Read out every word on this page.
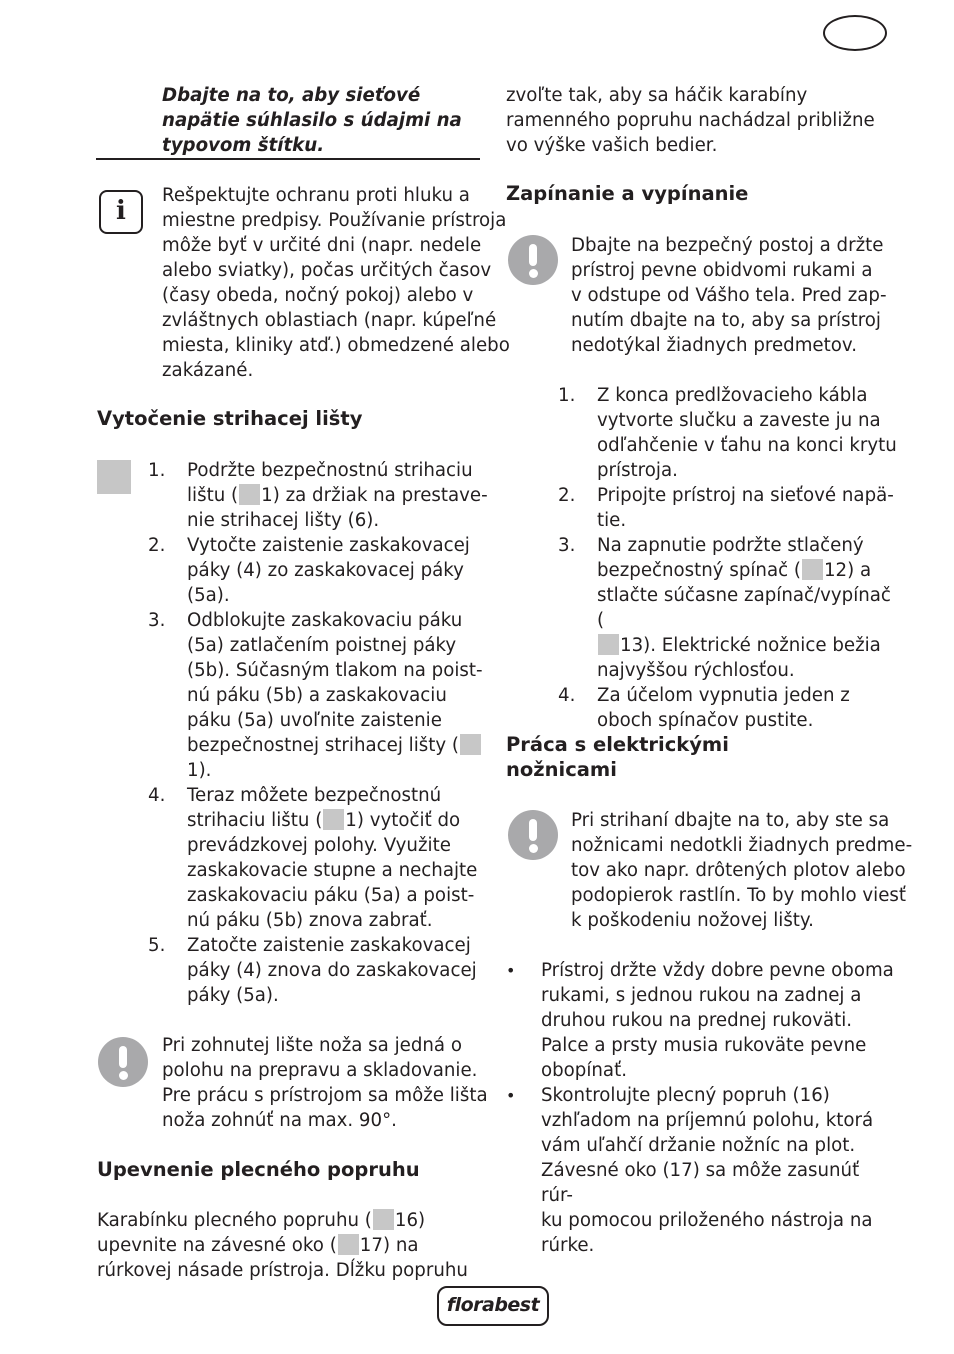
Dbajte na to, aby sieťové
napätie súhlasilo s údajmi na
typovom štítku.
i
Rešpektujte ochranu proti hluku a
miestne predpisy. Používanie prístroja
môže byť v určité dni (napr. nedele
alebo sviatky), počas určitých časov
(časy obeda, nočný pokoj) alebo v
zvláštnych oblastiach (napr. kúpeľné
miesta, kliniky atď.) obmedzené alebo
zakázané.
Vytočenie strihacej lišty
1. Podržte bezpečnostnú strihaciu
lištu ( 1) za držiak na prestave-
nie strihacej lišty (6).
2. Vytočte zaistenie zaskakovacej
páky (4) zo zaskakovacej páky
(5a).
3. Odblokujte zaskakovaciu páku
(5a) zatlačením poistnej páky
(5b). Súčasným tlakom na poist-
nú páku (5b) a zaskakovaciu
páku (5a) uvoľnite zaistenie
bezpečnostnej strihacej lišty (
1).
4. Teraz môžete bezpečnostnú
strihaciu lištu ( 1) vytočiť do
prevádzkovej polohy. Využite
zaskakovacie stupne a nechajte
zaskakovaciu páku (5a) a poist-
nú páku (5b) znova zabrať.
5. Zatočte zaistenie zaskakovacej
páky (4) znova do zaskakovacej
páky (5a).
Pri zohnutej lište noža sa jedná o
polohu na prepravu a skladovanie.
Pre prácu s prístrojom sa môže lišta
noža zohnúť na max. 90°.
Upevnenie plecného popruhu
Karabínku plecného popruhu ( 16)
upevnite na závesné oko ( 17) na
rúrkovej násade prístroja. Dĺžku popruhu
zvoľte tak, aby sa háčik karabíny
ramenného popruhu nachádzal približne
vo výške vašich bedier.
Zapínanie a vypínanie
Dbajte na bezpečný postoj a držte
prístroj pevne obidvomi rukami a
v odstupe od Vášho tela. Pred zap-
nutím dbajte na to, aby sa prístroj
nedotýkal žiadnych predmetov.
1. Z konca predlžovacieho kábla
vytvorte slučku a zaveste ju na
odľahčenie v ťahu na konci krytu
prístroja.
2. Pripojte prístroj na sieťové napä-
tie.
3. Na zapnutie podržte stlačený
bezpečnostný spínač ( 12) a
stlačte súčasne zapínač/vypínač (
13). Elektrické nožnice bežia
najvyššou rýchlosťou.
4. Za účelom vypnutia jeden z
oboch spínačov pustite.
Práca s elektrickými
nožnicami
Pri strihaní dbajte na to, aby ste sa
nožnicami nedotkli žiadnych predme-
tov ako napr. drôtených plotov alebo
podopierok rastlín. To by mohlo viesť
k poškodeniu nožovej lišty.
• Prístroj držte vždy dobre pevne oboma
rukami, s jednou rukou na zadnej a
druhou rukou na prednej rukoväti.
Palce a prsty musia rukoväte pevne
obopínať.
• Skontrolujte plecný popruh (16)
vzhľadom na príjemnú polohu, ktorá
vám uľahčí držanie nožníc na plot.
Závesné oko (17) sa môže zasunúť rúr-
ku pomocou priloženého nástroja na
rúrke.
florabest
